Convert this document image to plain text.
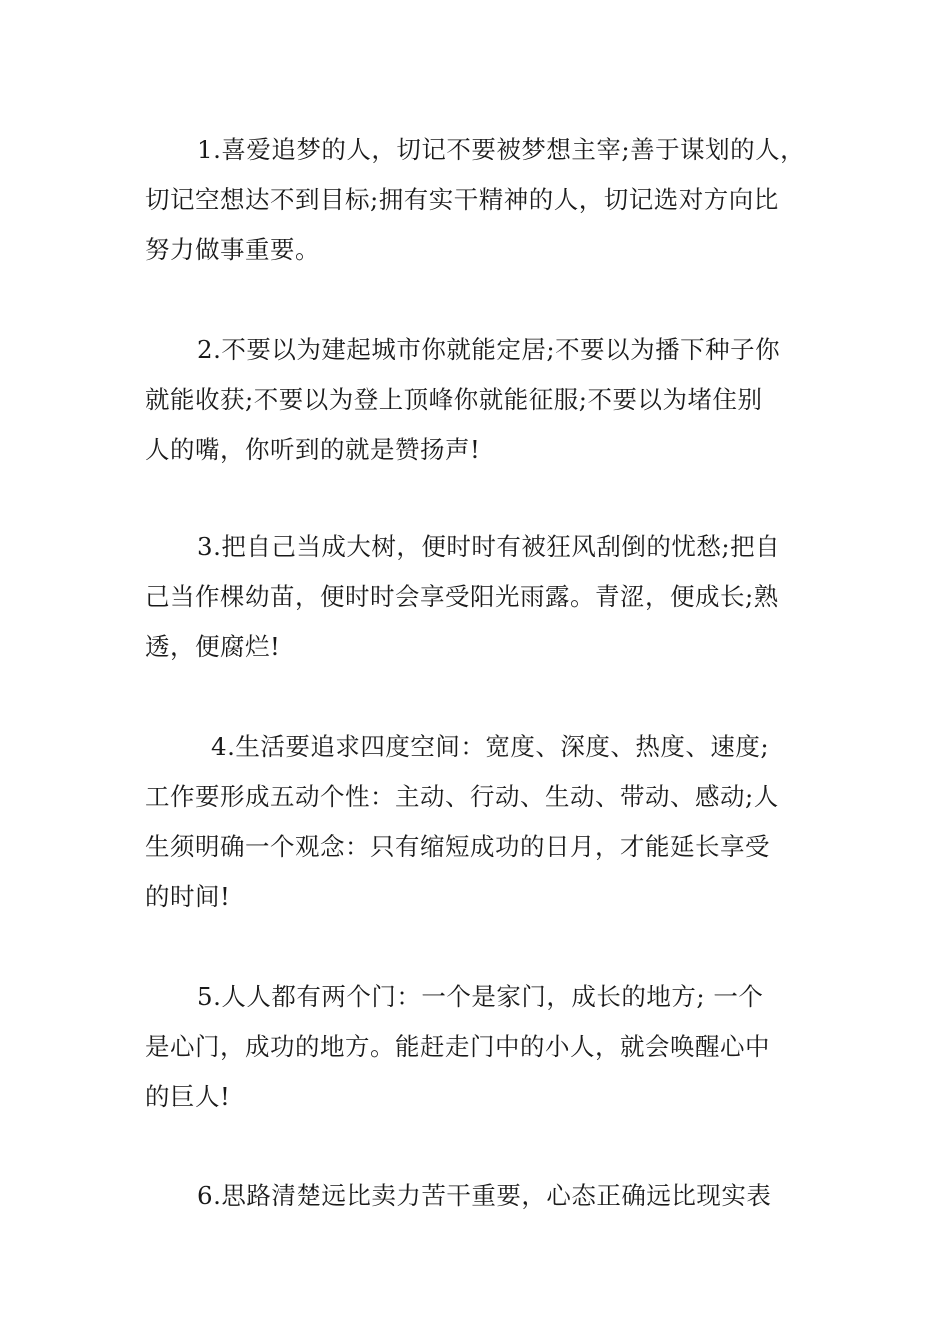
1.喜爱追梦的人，切记不要被梦想主宰;善于谋划的人，
切记空想达不到目标;拥有实干精神的人，切记选对方向比
努力做事重要。

2.不要以为建起城市你就能定居;不要以为播下种子你
就能收获;不要以为登上顶峰你就能征服;不要以为堵住别
人的嘴，你听到的就是赞扬声!

3.把自己当成大树，便时时有被狂风刮倒的忧愁;把自
己当作棵幼苗，便时时会享受阳光雨露。青涩，便成长;熟
透，便腐烂!

4.生活要追求四度空间：宽度、深度、热度、速度;
工作要形成五动个性：主动、行动、生动、带动、感动;人
生须明确一个观念：只有缩短成功的日月，才能延长享受
的时间!

5.人人都有两个门：一个是家门，成长的地方; 一个
是心门，成功的地方。能赶走门中的小人，就会唤醒心中
的巨人!

6.思路清楚远比卖力苦干重要，心态正确远比现实表
